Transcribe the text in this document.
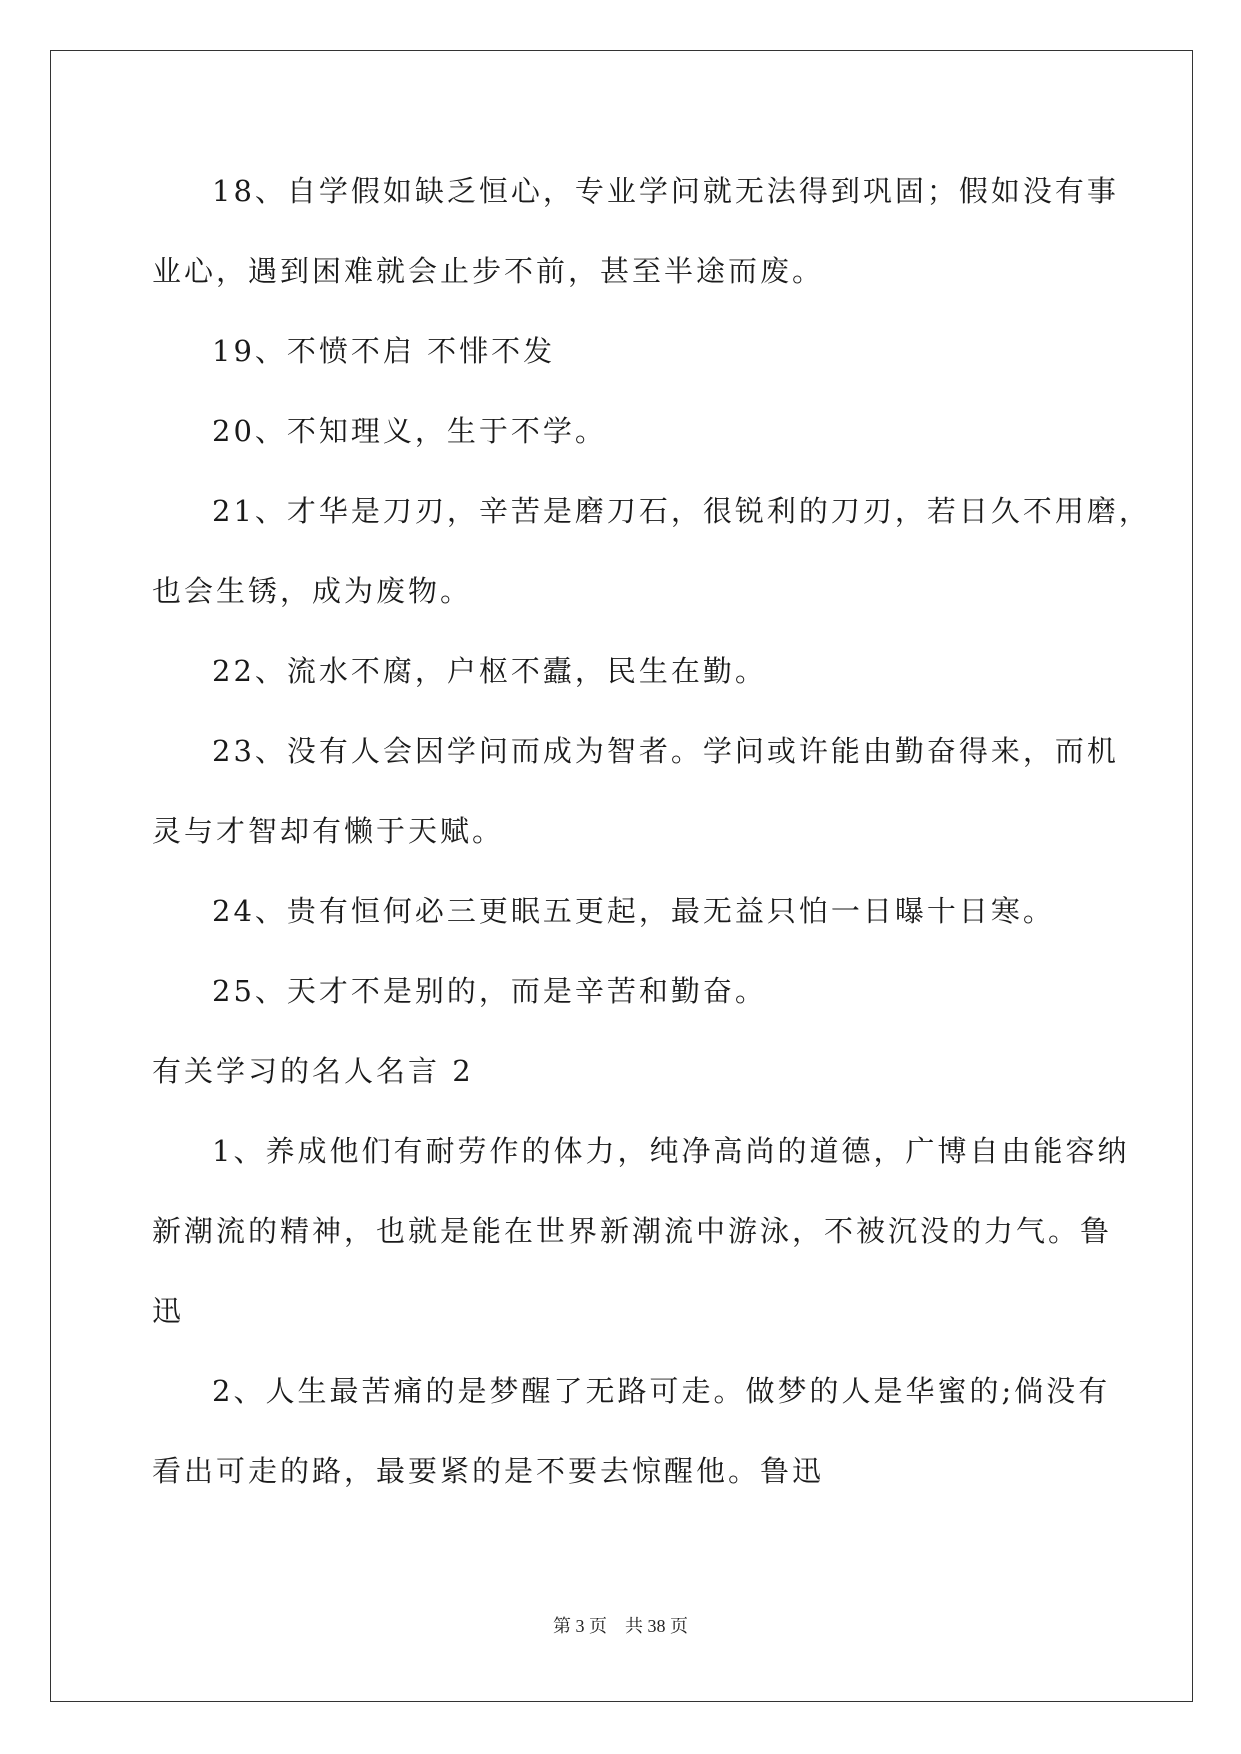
18、自学假如缺乏恒心，专业学问就无法得到巩固；假如没有事
业心，遇到困难就会止步不前，甚至半途而废。
19、不愤不启 不悱不发
20、不知理义，生于不学。
21、才华是刀刃，辛苦是磨刀石，很锐利的刀刃，若日久不用磨，
也会生锈，成为废物。
22、流水不腐，户枢不蠹，民生在勤。
23、没有人会因学问而成为智者。学问或许能由勤奋得来，而机
灵与才智却有懒于天赋。
24、贵有恒何必三更眠五更起，最无益只怕一日曝十日寒。
25、天才不是别的，而是辛苦和勤奋。
有关学习的名人名言 2
1、养成他们有耐劳作的体力，纯净高尚的道德，广博自由能容纳
新潮流的精神，也就是能在世界新潮流中游泳，不被沉没的力气。鲁
迅
2、人生最苦痛的是梦醒了无路可走。做梦的人是华蜜的;倘没有
看出可走的路，最要紧的是不要去惊醒他。鲁迅
第 3 页    共 38 页
